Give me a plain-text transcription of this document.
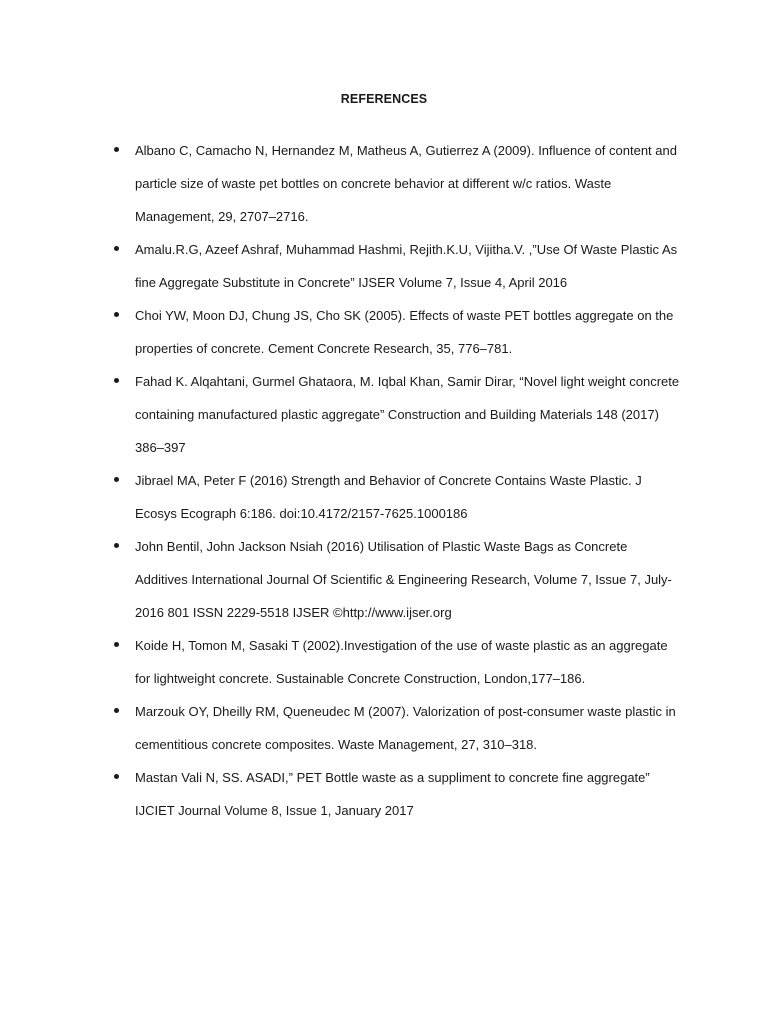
REFERENCES
Albano C, Camacho N, Hernandez M, Matheus A, Gutierrez A (2009). Influence of content and particle size of waste pet bottles on concrete behavior at different w/c ratios. Waste Management, 29, 2707–2716.
Amalu.R.G, Azeef Ashraf, Muhammad Hashmi, Rejith.K.U, Vijitha.V. ,”Use Of Waste Plastic As fine Aggregate Substitute in Concrete” IJSER Volume 7, Issue 4, April 2016
Choi YW, Moon DJ, Chung JS, Cho SK (2005). Effects of waste PET bottles aggregate on the properties of concrete. Cement Concrete Research, 35, 776–781.
Fahad K. Alqahtani, Gurmel Ghataora, M. Iqbal Khan, Samir Dirar, “Novel light weight concrete containing manufactured plastic aggregate” Construction and Building Materials 148 (2017) 386–397
Jibrael MA, Peter F (2016) Strength and Behavior of Concrete Contains Waste Plastic. J Ecosys Ecograph 6:186. doi:10.4172/2157-7625.1000186
John Bentil, John Jackson Nsiah (2016) Utilisation of Plastic Waste Bags as Concrete Additives International Journal Of Scientific & Engineering Research, Volume 7, Issue 7, July-2016 801 ISSN 2229-5518 IJSER ©http://www.ijser.org
Koide H, Tomon M, Sasaki T (2002).Investigation of the use of waste plastic as an aggregate for lightweight concrete. Sustainable Concrete Construction, London,177–186.
Marzouk OY, Dheilly RM, Queneudec M (2007). Valorization of post-consumer waste plastic in cementitious concrete composites. Waste Management, 27, 310–318.
Mastan Vali N, SS. ASADI,” PET Bottle waste as a suppliment to concrete fine aggregate” IJCIET Journal Volume 8, Issue 1, January 2017
